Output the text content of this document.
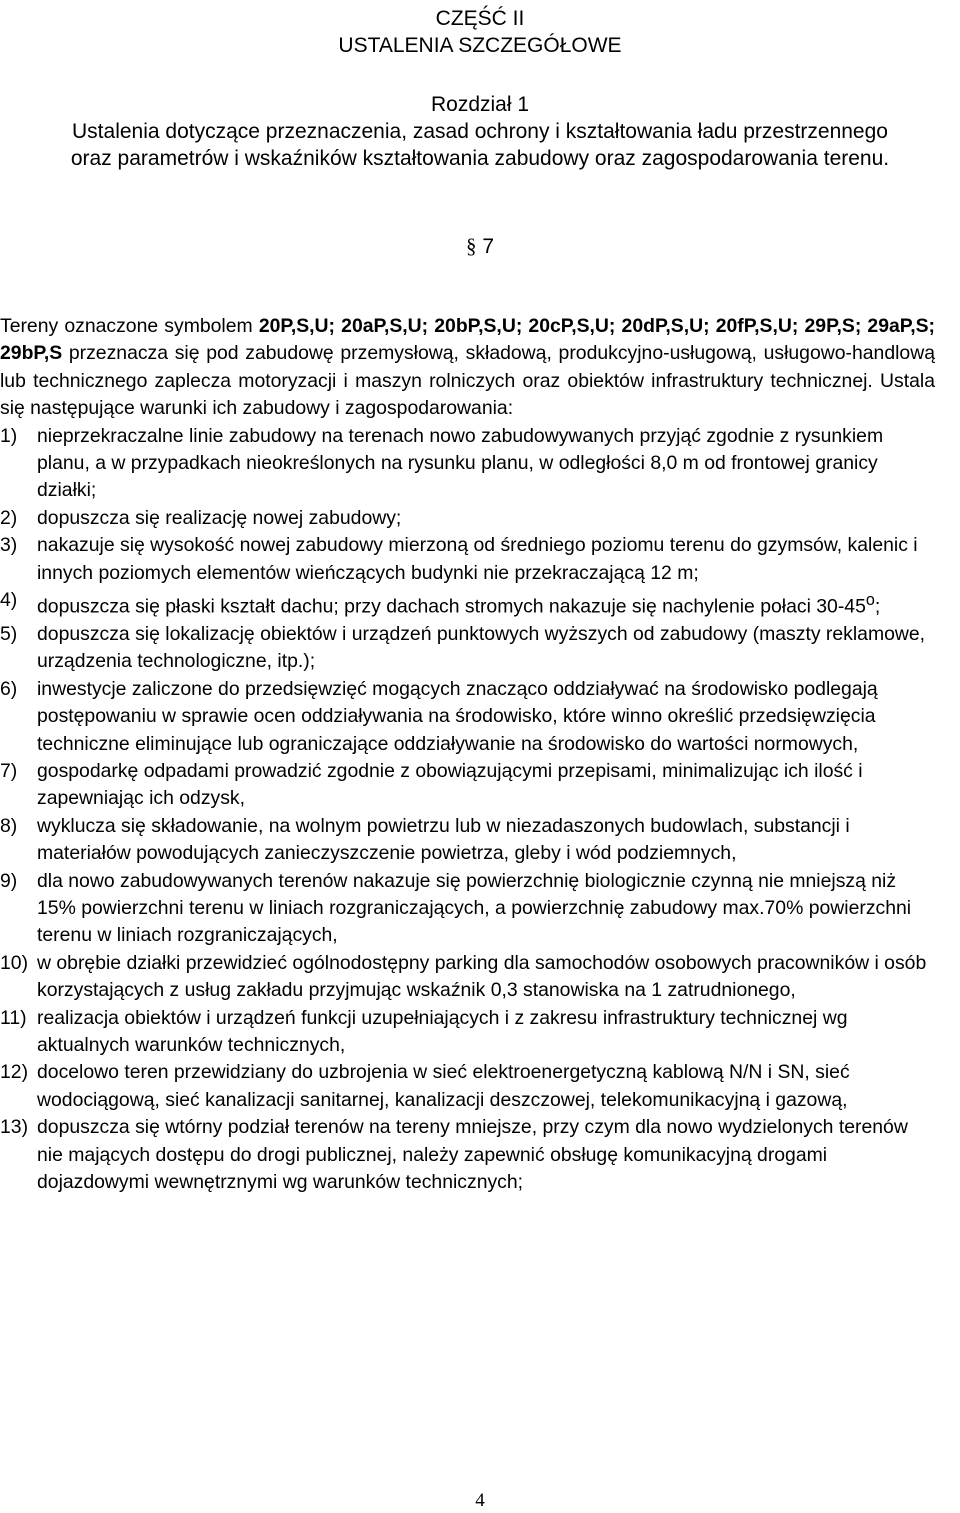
CZĘŚĆ II
USTALENIA SZCZEGÓŁOWE
Rozdział 1
Ustalenia dotyczące przeznaczenia, zasad ochrony i kształtowania ładu przestrzennego
oraz parametrów i wskaźników kształtowania zabudowy oraz zagospodarowania terenu.
§ 7

Tereny oznaczone symbolem 20P,S,U; 20aP,S,U; 20bP,S,U; 20cP,S,U; 20dP,S,U; 20fP,S,U; 29P,S; 29aP,S; 29bP,S przeznacza się pod zabudowę przemysłową, składową, produkcyjno-usługową, usługowo-handlową lub technicznego zaplecza motoryzacji i maszyn rolniczych oraz obiektów infrastruktury technicznej. Ustala się następujące warunki ich zabudowy i zagospodarowania:

1) nieprzekraczalne linie zabudowy na terenach nowo zabudowywanych przyjąć zgodnie z rysunkiem planu, a w przypadkach nieokreślonych na rysunku planu, w odległości 8,0 m od frontowej granicy działki;
2) dopuszcza się realizację nowej zabudowy;
3) nakazuje się wysokość nowej zabudowy mierzoną od średniego poziomu terenu do gzymsów, kalenic i innych poziomych elementów wieńczących budynki nie przekraczającą 12 m;
4) dopuszcza się płaski kształt dachu; przy dachach stromych nakazuje się nachylenie połaci 30-45$^o$;
5) dopuszcza się lokalizację obiektów i urządzeń punktowych wyższych od zabudowy (maszty reklamowe, urządzenia technologiczne, itp.);
6) inwestycje zaliczone do przedsięwzięć mogących znacząco oddziaływać na środowisko podlegają postępowaniu w sprawie ocen oddziaływania na środowisko, które winno określić przedsięwzięcia techniczne eliminujące lub ograniczające oddziaływanie na środowisko do wartości normowych,
7) gospodarkę odpadami prowadzić zgodnie z obowiązującymi przepisami, minimalizując ich ilość i zapewniając ich odzysk,
8) wyklucza się składowanie, na wolnym powietrzu lub w niezadaszonych budowlach, substancji i materiałów powodujących zanieczyszczenie powietrza, gleby i wód podziemnych,
9) dla nowo zabudowywanych terenów nakazuje się powierzchnię biologicznie czynną nie mniejszą niż 15% powierzchni terenu w liniach rozgraniczających, a powierzchnię zabudowy max.70% powierzchni terenu w liniach rozgraniczających,
10) w obrębie działki przewidzieć ogólnodostępny parking dla samochodów osobowych pracowników i osób korzystających z usług zakładu przyjmując wskaźnik 0,3 stanowiska na 1 zatrudnionego,
11) realizacja obiektów i urządzeń funkcji uzupełniających i z zakresu infrastruktury technicznej wg aktualnych warunków technicznych,
12) docelowo teren przewidziany do uzbrojenia w sieć elektroenergetyczną kablową N/N i SN, sieć wodociągową, sieć kanalizacji sanitarnej, kanalizacji deszczowej, telekomunikacyjną i gazową,
13) dopuszcza się wtórny podział terenów na tereny mniejsze, przy czym dla nowo wydzielonych terenów nie mających dostępu do drogi publicznej, należy zapewnić obsługę komunikacyjną drogami dojazdowymi wewnętrznymi wg warunków technicznych;
4
